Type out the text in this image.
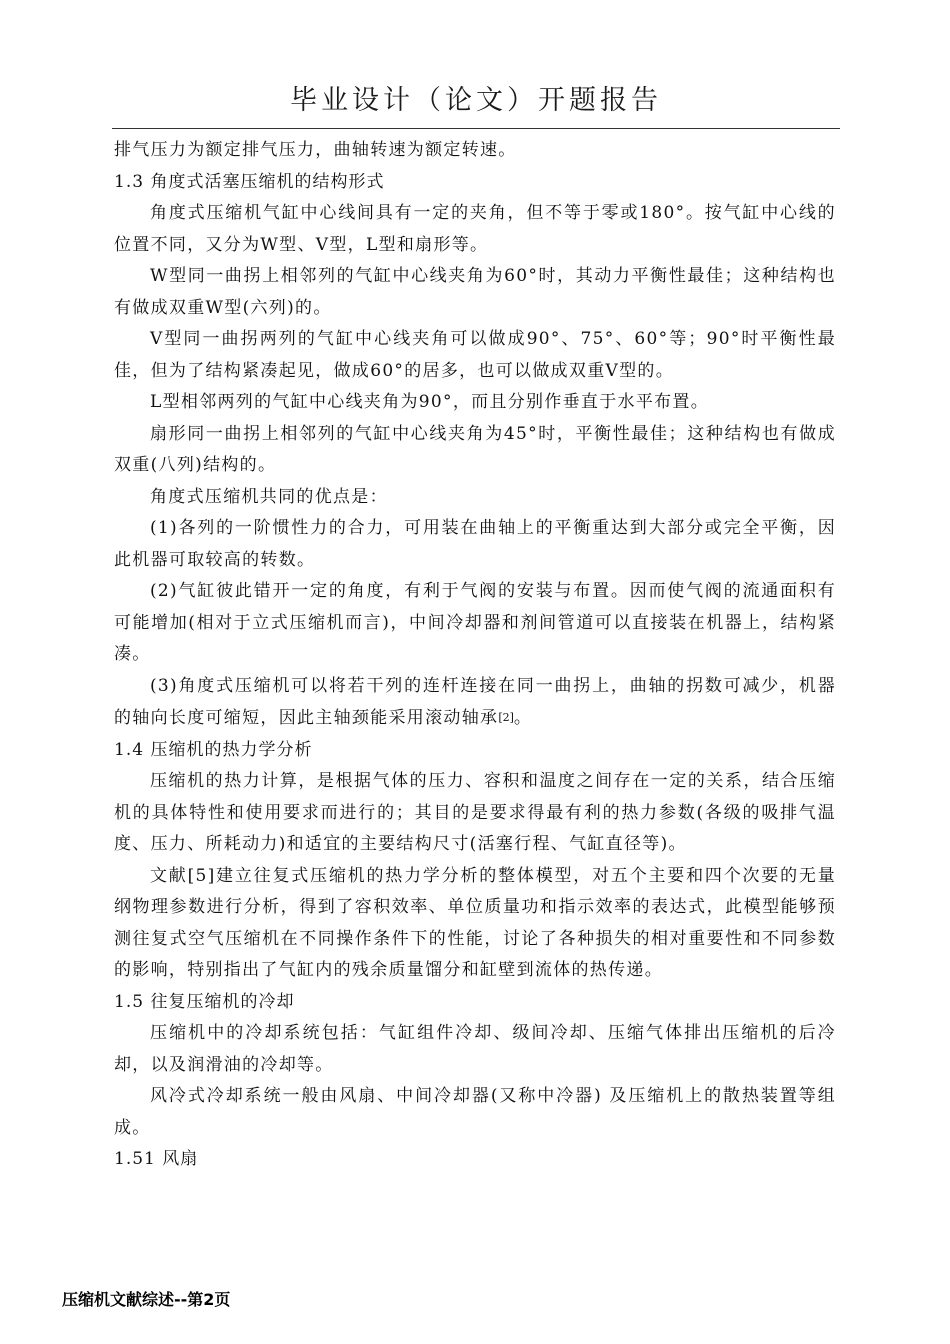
毕业设计（论文）开题报告

排气压力为额定排气压力，曲轴转速为额定转速。

1.3 角度式活塞压缩机的结构形式

角度式压缩机气缸中心线间具有一定的夹角，但不等于零或180°。按气缸中心线的位置不同，又分为W型、V型，L型和扇形等。

W型同一曲拐上相邻列的气缸中心线夹角为60°时，其动力平衡性最佳；这种结构也有做成双重W型(六列)的。

V型同一曲拐两列的气缸中心线夹角可以做成90°、75°、60°等；90°时平衡性最佳，但为了结构紧凑起见，做成60°的居多，也可以做成双重V型的。

L型相邻两列的气缸中心线夹角为90°，而且分别作垂直于水平布置。

扇形同一曲拐上相邻列的气缸中心线夹角为45°时，平衡性最佳；这种结构也有做成双重(八列)结构的。

角度式压缩机共同的优点是：

(1)各列的一阶惯性力的合力，可用装在曲轴上的平衡重达到大部分或完全平衡，因此机器可取较高的转数。

(2)气缸彼此错开一定的角度，有利于气阀的安装与布置。因而使气阀的流通面积有可能增加(相对于立式压缩机而言)，中间冷却器和剂间管道可以直接装在机器上，结构紧凑。

(3)角度式压缩机可以将若干列的连杆连接在同一曲拐上，曲轴的拐数可减少，机器的轴向长度可缩短，因此主轴颈能采用滚动轴承[2]。

1.4 压缩机的热力学分析

压缩机的热力计算，是根据气体的压力、容积和温度之间存在一定的关系，结合压缩机的具体特性和使用要求而进行的；其目的是要求得最有利的热力参数(各级的吸排气温度、压力、所耗动力)和适宜的主要结构尺寸(活塞行程、气缸直径等)。

文献[5]建立往复式压缩机的热力学分析的整体模型，对五个主要和四个次要的无量纲物理参数进行分析，得到了容积效率、单位质量功和指示效率的表达式，此模型能够预测往复式空气压缩机在不同操作条件下的性能，讨论了各种损失的相对重要性和不同参数的影响，特别指出了气缸内的残余质量馏分和缸壁到流体的热传递。

1.5 往复压缩机的冷却

压缩机中的冷却系统包括：气缸组件冷却、级间冷却、压缩气体排出压缩机的后冷却，以及润滑油的冷却等。

风冷式冷却系统一般由风扇、中间冷却器(又称中冷器) 及压缩机上的散热装置等组成。

1.51 风扇

压缩机文献综述--第2页
